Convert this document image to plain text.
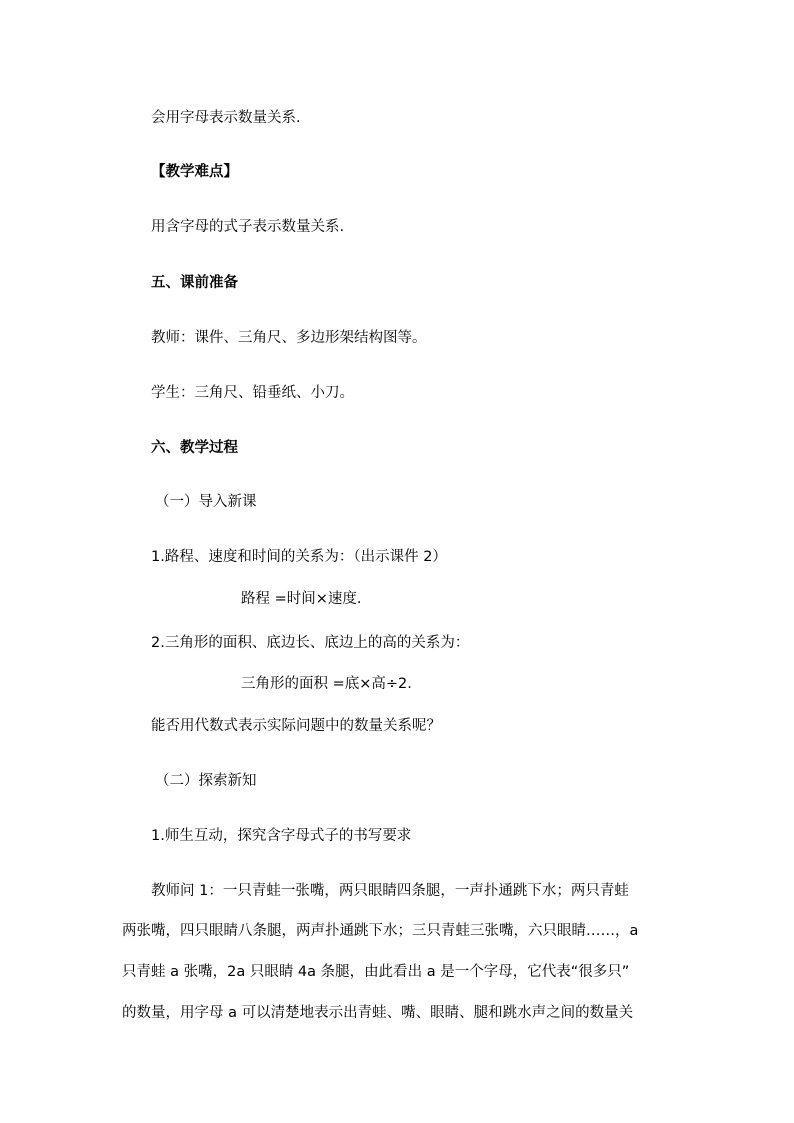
会用字母表示数量关系.
【教学难点】
用含字母的式子表示数量关系.
五、课前准备
教师：课件、三角尺、多边形架结构图等。
学生：三角尺、铅垂纸、小刀。
六、教学过程
（一）导入新课
1.路程、速度和时间的关系为：（出示课件 2）
路程 =时间×速度.
2.三角形的面积、底边长、底边上的高的关系为：
三角形的面积 =底×高÷2.
能否用代数式表示实际问题中的数量关系呢？
（二）探索新知
1.师生互动，探究含字母式子的书写要求
教师问 1：一只青蛙一张嘴，两只眼睛四条腿，一声扑通跳下水；两只青蛙
两张嘴，四只眼睛八条腿，两声扑通跳下水；三只青蛙三张嘴，六只眼睛……，a
只青蛙 a 张嘴，2a 只眼睛 4a 条腿，由此看出 a 是一个字母，它代表“很多只”
的数量，用字母 a 可以清楚地表示出青蛙、嘴、眼睛、腿和跳水声之间的数量关
